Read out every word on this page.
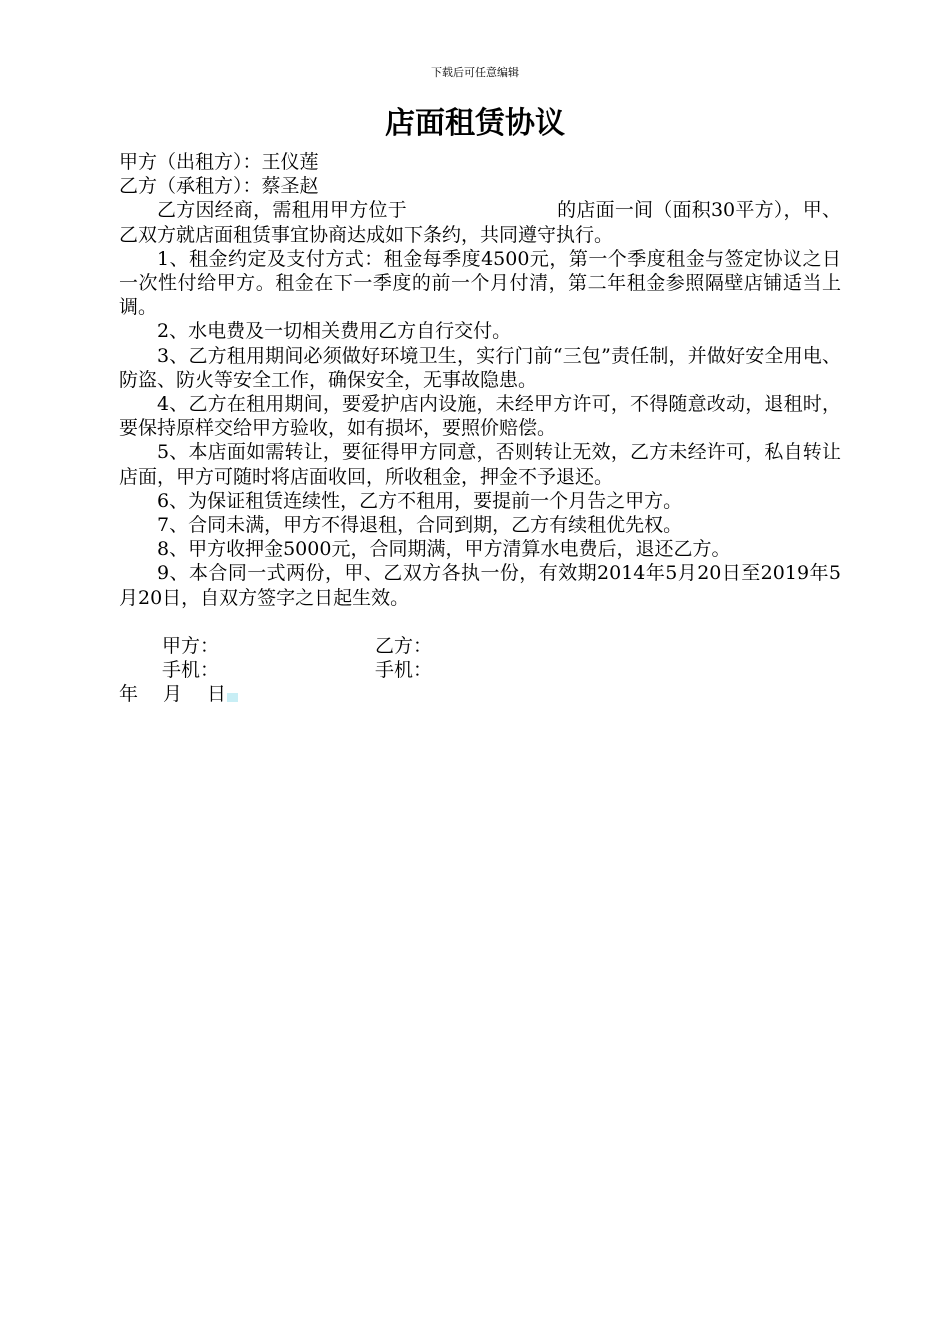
下载后可任意编辑
店面租赁协议

甲方（出租方）：王仪莲

乙方（承租方）：蔡圣赵

乙方因经商，需租用甲方位于	的店面一间（面积30平方），甲、乙双方就店面租赁事宜协商达成如下条约，共同遵守执行。

1、租金约定及支付方式：租金每季度4500元，第一个季度租金与签定协议之日一次性付给甲方。租金在下一季度的前一个月付清，第二年租金参照隔壁店铺适当上调。

2、水电费及一切相关费用乙方自行交付。

3、乙方租用期间必须做好环境卫生，实行门前“三包”责任制，并做好安全用电、防盗、防火等安全工作，确保安全，无事故隐患。

4、乙方在租用期间，要爱护店内设施，未经甲方许可，不得随意改动，退租时，要保持原样交给甲方验收，如有损坏，要照价赔偿。

5、本店面如需转让，要征得甲方同意，否则转让无效，乙方未经许可，私自转让店面，甲方可随时将店面收回，所收租金，押金不予退还。

6、为保证租赁连续性，乙方不租用，要提前一个月告之甲方。

7、合同未满，甲方不得退租，合同到期，乙方有续租优先权。

8、甲方收押金5000元，合同期满，甲方清算水电费后，退还乙方。

9、本合同一式两份，甲、乙双方各执一份，有效期2014年5月20日至2019年5月20日，自双方签字之日起生效。

甲方：	乙方：
手机：	手机：
年 月 日
